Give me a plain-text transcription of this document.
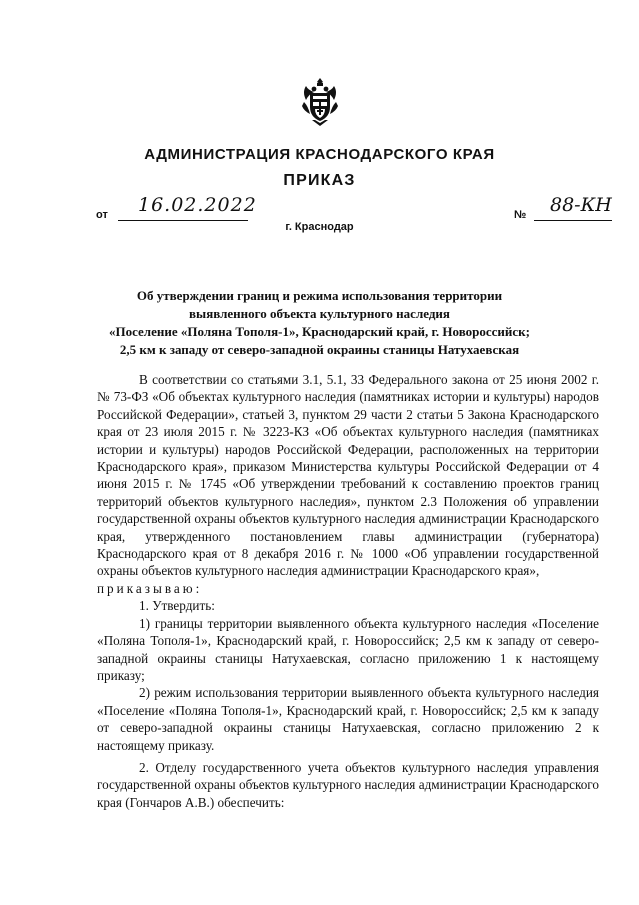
АДМИНИСТРАЦИЯ КРАСНОДАРСКОГО КРАЯ
ПРИКАЗ
от 16.02.2022
г. Краснодар
№ 88-КН
Об утверждении границ и режима использования территории
выявленного объекта культурного наследия
«Поселение «Поляна Тополя-1», Краснодарский край, г. Новороссийск;
2,5 км к западу от северо-западной окраины станицы Натухаевская

В соответствии со статьями 3.1, 5.1, 33 Федерального закона от 25 июня 2002 г. № 73-ФЗ «Об объектах культурного наследия (памятниках истории и культуры) народов Российской Федерации», статьей 3, пунктом 29 части 2 статьи 5 Закона Краснодарского края от 23 июля 2015 г. № 3223-КЗ «Об объектах культурного наследия (памятниках истории и культуры) народов Российской Федерации, расположенных на территории Краснодарского края», приказом Министерства культуры Российской Федерации от 4 июня 2015 г. № 1745 «Об утверждении требований к составлению проектов границ территорий объектов культурного наследия», пунктом 2.3 Положения об управлении государственной охраны объектов культурного наследия администрации Краснодарского края, утвержденного постановлением главы администрации (губернатора) Краснодарского края от 8 декабря 2016 г. № 1000 «Об управлении государственной охраны объектов культурного наследия администрации Краснодарского края»,

приказываю:

1. Утвердить:

1) границы территории выявленного объекта культурного наследия «Поселение «Поляна Тополя-1», Краснодарский край, г. Новороссийск; 2,5 км к западу от северо-западной окраины станицы Натухаевская, согласно приложению 1 к настоящему приказу;

2) режим использования территории выявленного объекта культурного наследия «Поселение «Поляна Тополя-1», Краснодарский край, г. Новороссийск; 2,5 км к западу от северо-западной окраины станицы Натухаевская, согласно приложению 2 к настоящему приказу.

2. Отделу государственного учета объектов культурного наследия управления государственной охраны объектов культурного наследия администрации Краснодарского края (Гончаров А.В.) обеспечить:
